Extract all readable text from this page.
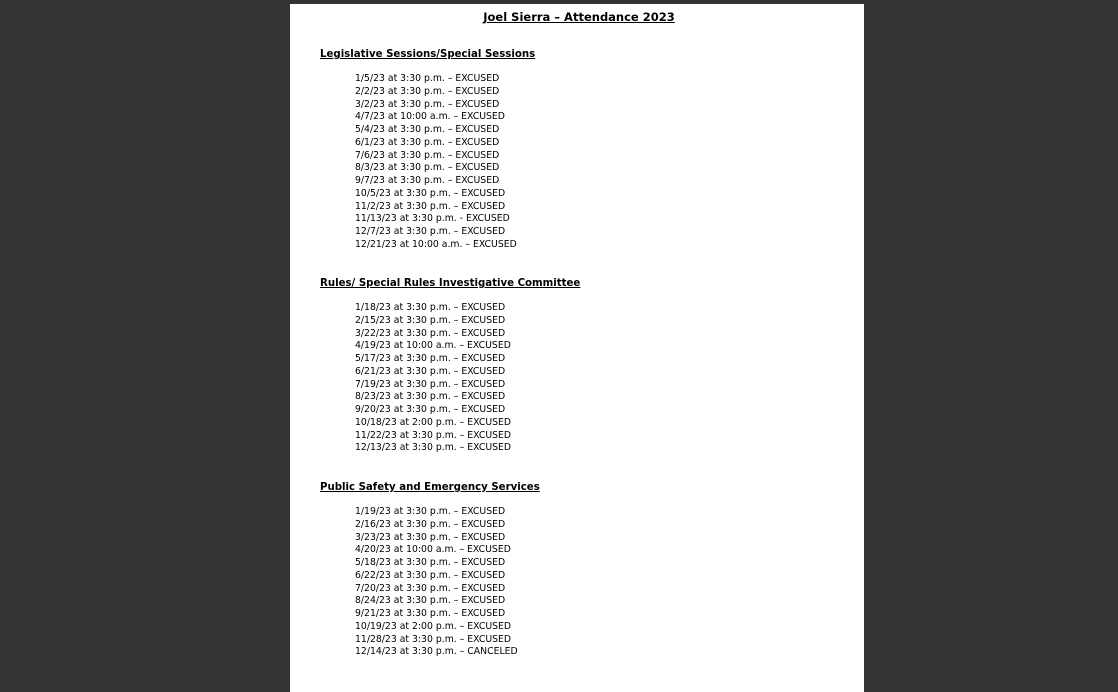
Joel Sierra – Attendance 2023
Legislative Sessions/Special Sessions
1/5/23 at 3:30 p.m. – EXCUSED
2/2/23 at 3:30 p.m. – EXCUSED
3/2/23 at 3:30 p.m. – EXCUSED
4/7/23 at 10:00 a.m. – EXCUSED
5/4/23 at 3:30 p.m. – EXCUSED
6/1/23 at 3:30 p.m. – EXCUSED
7/6/23 at 3:30 p.m. – EXCUSED
8/3/23 at 3:30 p.m. – EXCUSED
9/7/23 at 3:30 p.m. – EXCUSED
10/5/23 at 3:30 p.m. – EXCUSED
11/2/23 at 3:30 p.m. – EXCUSED
11/13/23 at 3:30 p.m. - EXCUSED
12/7/23 at 3:30 p.m. – EXCUSED
12/21/23 at 10:00 a.m. – EXCUSED
Rules/ Special Rules Investigative Committee
1/18/23 at 3:30 p.m. – EXCUSED
2/15/23 at 3:30 p.m. – EXCUSED
3/22/23 at 3:30 p.m. – EXCUSED
4/19/23 at 10:00 a.m. – EXCUSED
5/17/23 at 3:30 p.m. – EXCUSED
6/21/23 at 3:30 p.m. – EXCUSED
7/19/23 at 3:30 p.m. – EXCUSED
8/23/23 at 3:30 p.m. – EXCUSED
9/20/23 at 3:30 p.m. – EXCUSED
10/18/23 at 2:00 p.m. – EXCUSED
11/22/23 at 3:30 p.m. – EXCUSED
12/13/23 at 3:30 p.m. – EXCUSED
Public Safety and Emergency Services
1/19/23 at 3:30 p.m. – EXCUSED
2/16/23 at 3:30 p.m. – EXCUSED
3/23/23 at 3:30 p.m. – EXCUSED
4/20/23 at 10:00 a.m. – EXCUSED
5/18/23 at 3:30 p.m. – EXCUSED
6/22/23 at 3:30 p.m. – EXCUSED
7/20/23 at 3:30 p.m. – EXCUSED
8/24/23 at 3:30 p.m. – EXCUSED
9/21/23 at 3:30 p.m. – EXCUSED
10/19/23 at 2:00 p.m. – EXCUSED
11/28/23 at 3:30 p.m. – EXCUSED
12/14/23 at 3:30 p.m. – CANCELED
